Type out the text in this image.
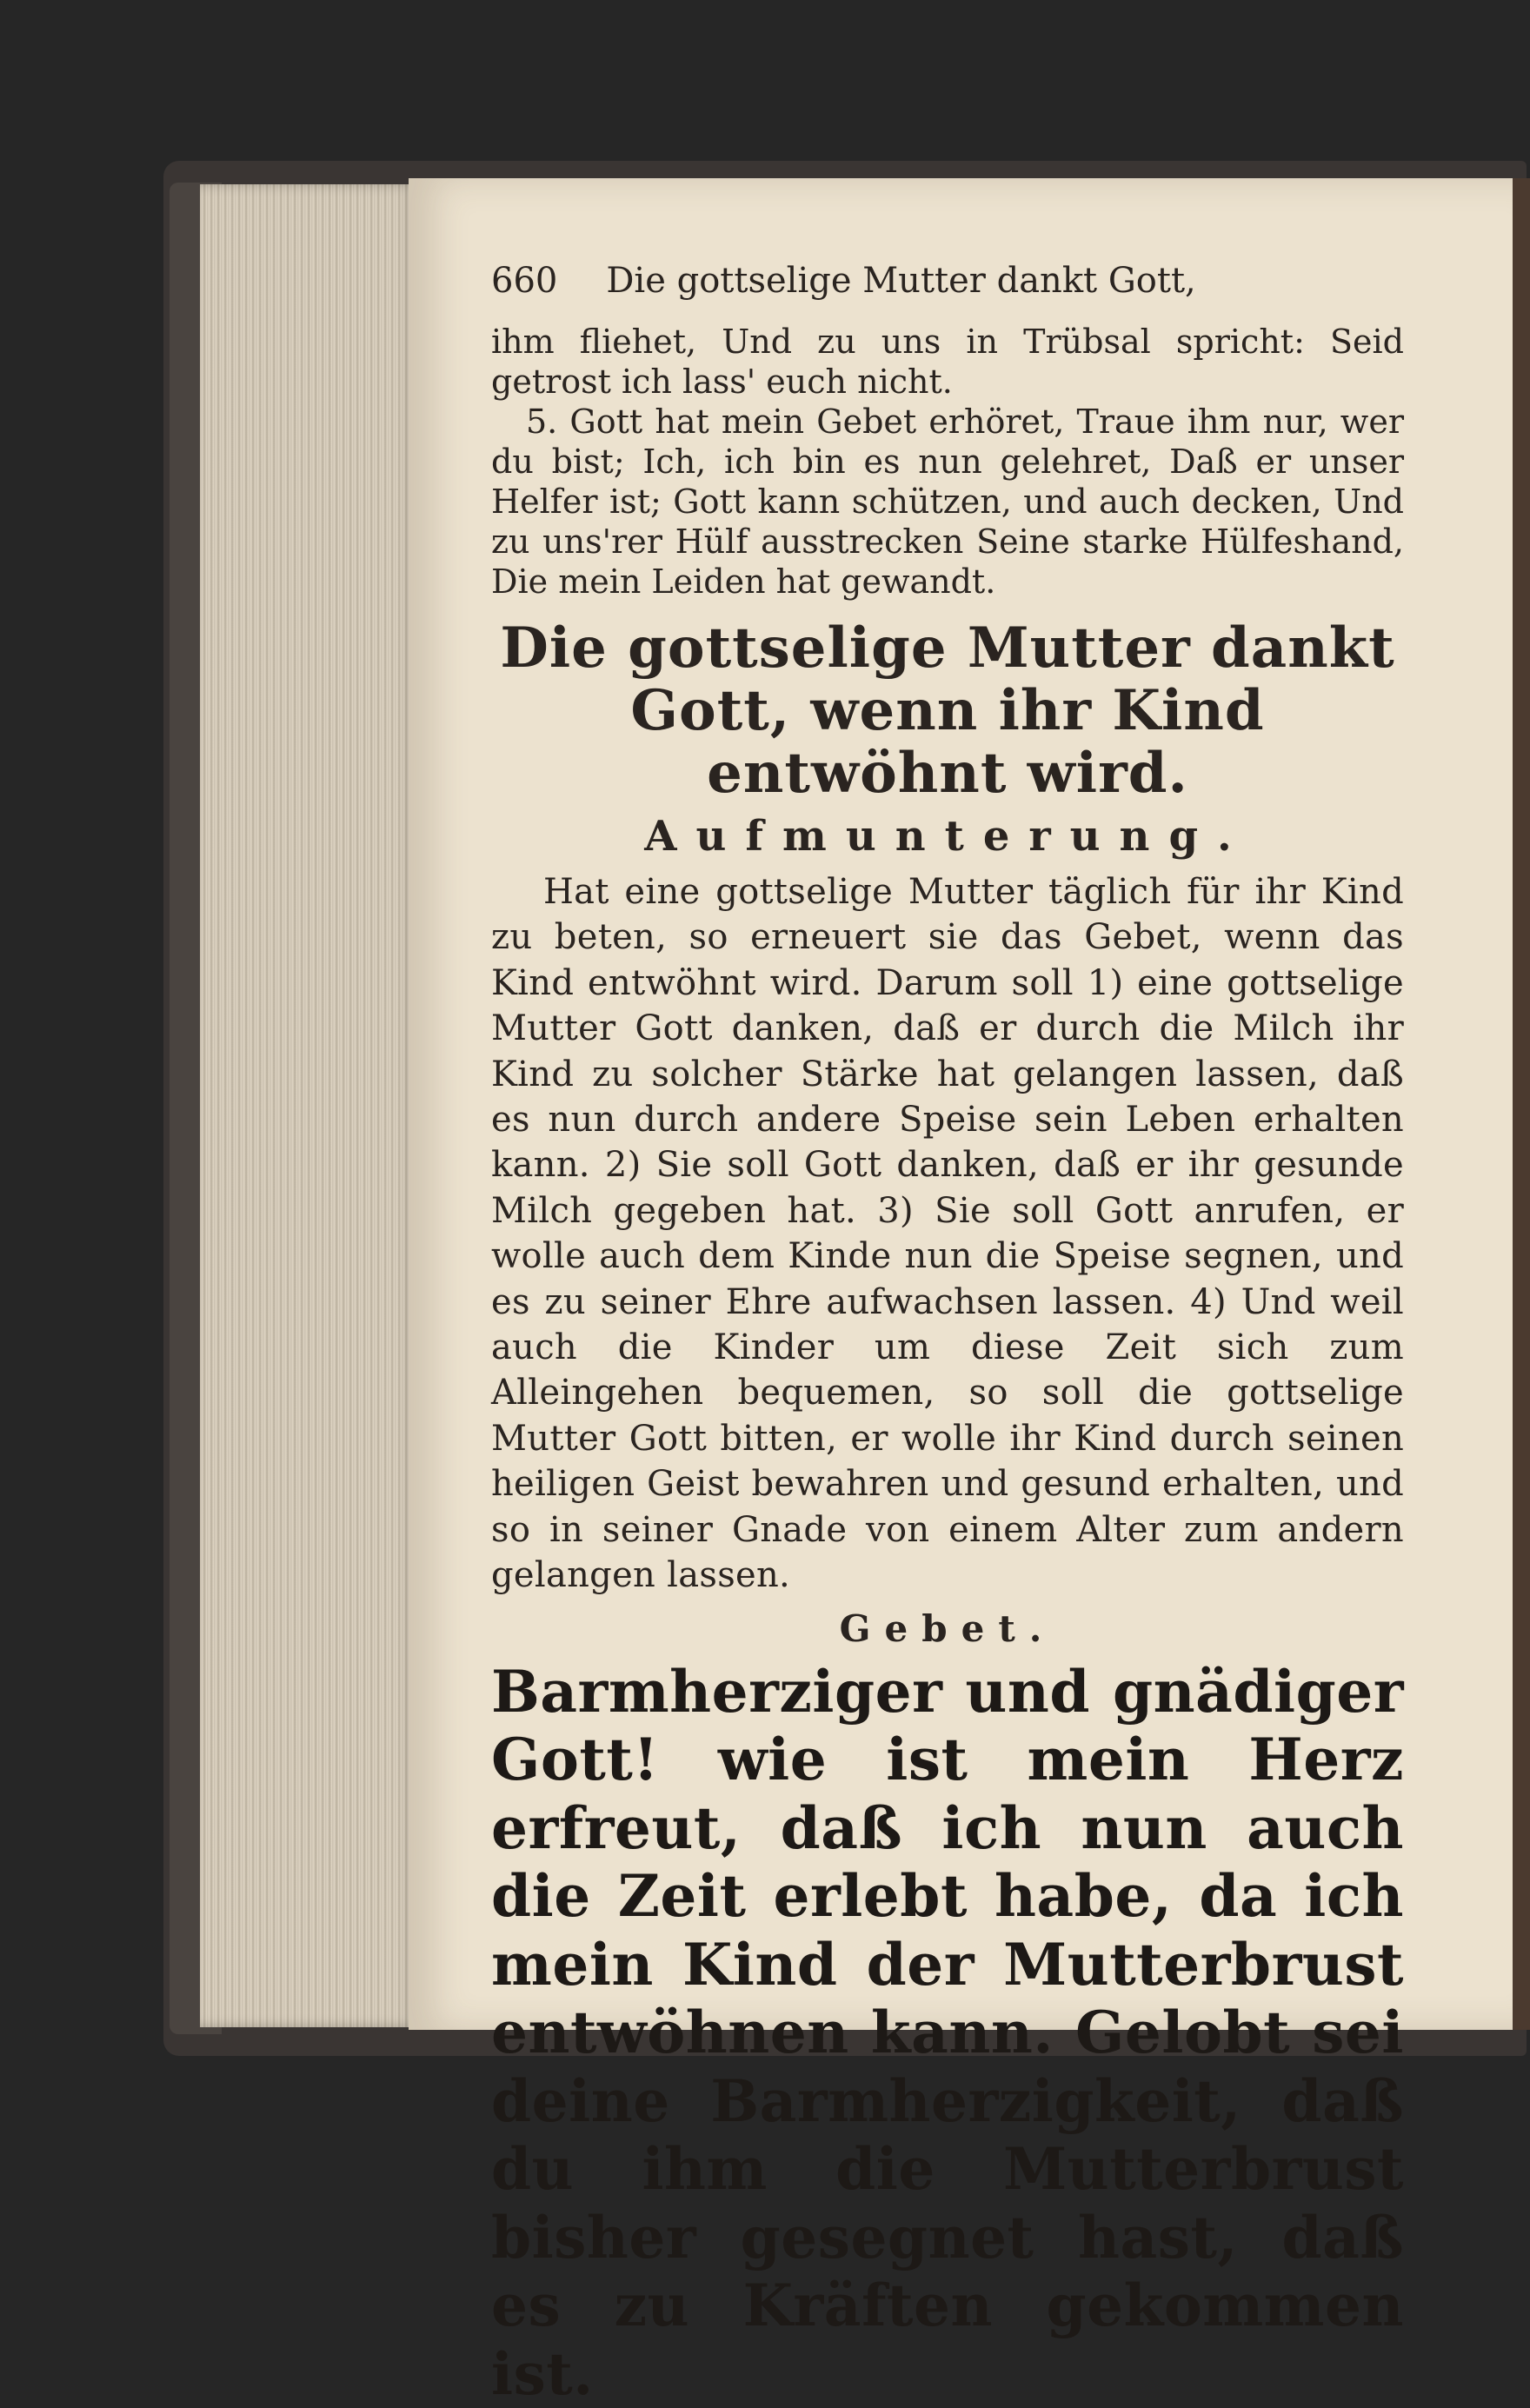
660 Die gottselige Mutter dankt Gott,

ihm fliehet, Und zu uns in Trübsal spricht: Seid getrost ich lass' euch nicht.

5. Gott hat mein Gebet erhöret, Traue ihm nur, wer du bist; Ich, ich bin es nun gelehret, Daß er unser Helfer ist; Gott kann schützen, und auch decken, Und zu uns'rer Hülf ausstrecken Seine starke Hülfeshand, Die mein Leiden hat gewandt.

Die gottselige Mutter dankt Gott, wenn ihr Kind entwöhnt wird.
Aufmunterung.

Hat eine gottselige Mutter täglich für ihr Kind zu beten, so erneuert sie das Gebet, wenn das Kind entwöhnt wird. Darum soll 1) eine gottselige Mutter Gott danken, daß er durch die Milch ihr Kind zu solcher Stärke hat gelangen lassen, daß es nun durch andere Speise sein Leben erhalten kann. 2) Sie soll Gott danken, daß er ihr gesunde Milch gegeben hat. 3) Sie soll Gott anrufen, er wolle auch dem Kinde nun die Speise segnen, und es zu seiner Ehre aufwachsen lassen. 4) Und weil auch die Kinder um diese Zeit sich zum Alleingehen bequemen, so soll die gottselige Mutter Gott bitten, er wolle ihr Kind durch seinen heiligen Geist bewahren und gesund erhalten, und so in seiner Gnade von einem Alter zum andern gelangen lassen.

Gebet.

Barmherziger und gnädiger Gott! wie ist mein Herz erfreut, daß ich nun auch die Zeit erlebt habe, da ich mein Kind der Mutterbrust entwöhnen kann. Gelobt sei deine Barmherzigkeit, daß du ihm die Mutterbrust bisher gesegnet hast, daß es zu Kräften gekommen ist.
